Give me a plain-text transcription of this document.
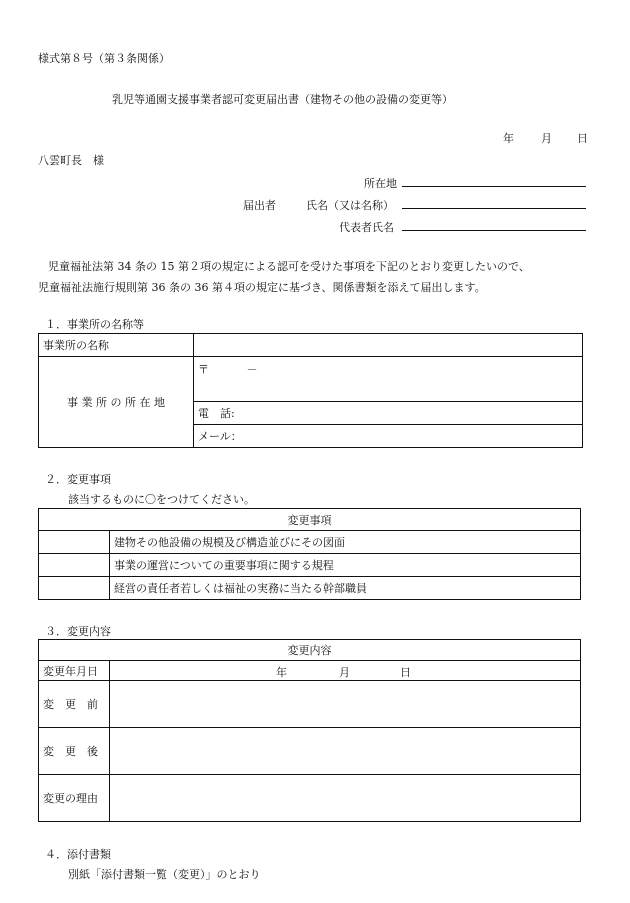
様式第８号（第３条関係）
乳児等通園支援事業者認可変更届出書（建物その他の設備の変更等）
年 月 日
八雲町長　様
所在地
届出者	氏名（又は名称）
代表者氏名
児童福祉法第 34 条の 15 第２項の規定による認可を受けた事項を下記のとおり変更したいので、
児童福祉法施行規則第 36 条の 36 第４項の規定に基づき、関係書類を添えて届出します。
１．事業所の名称等
事業所の名称	
事 業 所 の 所 在 地	〒 －
	電　話:
	メール：
２．変更事項
該当するものに〇をつけてください。
変更事項	
	建物その他設備の規模及び構造並びにその図面
	事業の運営についての重要事項に関する規程
	経営の責任者若しくは福祉の実務に当たる幹部職員
３．変更内容
変更内容	
変更年月日	年 月 日

変　更　前	
変　更　後	
変更の理由	
４．添付書類
別紙「添付書類一覧（変更）」のとおり
